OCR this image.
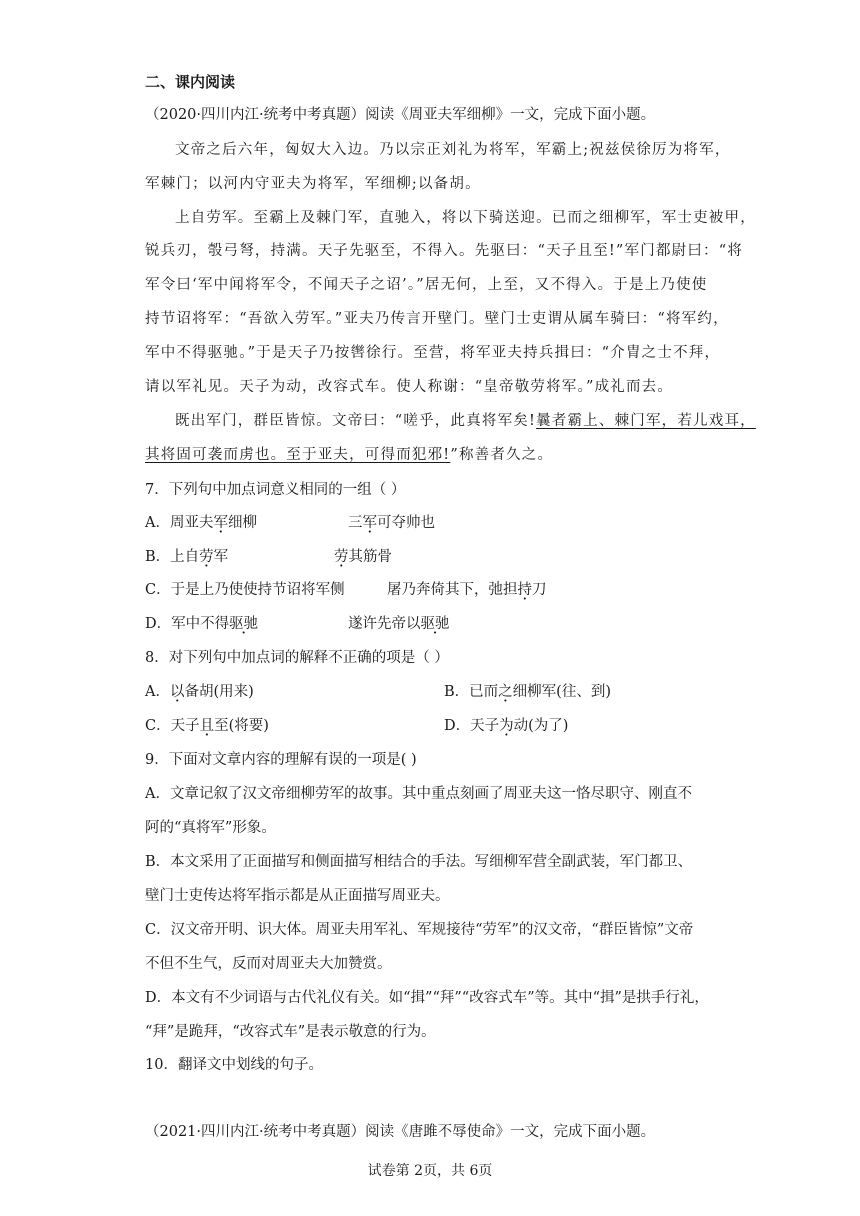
二、课内阅读
（2020·四川内江·统考中考真题）阅读《周亚夫军细柳》一文，完成下面小题。
文帝之后六年，匈奴大入边。乃以宗正刘礼为将军，军霸上;祝兹侯徐厉为将军，
军棘门；以河内守亚夫为将军，军细柳;以备胡。
上自劳军。至霸上及棘门军，直驰入，将以下骑送迎。已而之细柳军，军士吏被甲，
锐兵刃，彀弓弩，持满。天子先驱至，不得入。先驱曰：“天子且至!”军门都尉曰：“将
军令曰‘军中闻将军令，不闻天子之诏’。”居无何，上至，又不得入。于是上乃使使
持节诏将军：“吾欲入劳军。”亚夫乃传言开壁门。壁门士吏谓从属车骑曰：“将军约，
军中不得驱驰。”于是天子乃按辔徐行。至营，将军亚夫持兵揖曰：“介胄之士不拜，
请以军礼见。天子为动，改容式车。使人称谢：“皇帝敬劳将军。”成礼而去。
既出军门，群臣皆惊。文帝曰：“嗟乎，此真将军矣!曩者霸上、棘门军，若儿戏耳，
其将固可袭而虏也。至于亚夫，可得而犯邪!”称善者久之。
7．下列句中加点词意义相同的一组（ ）
A．周亚夫军细柳	三军可夺帅也
B．上自劳军	劳其筋骨
C．于是上乃使使持节诏将军侧	屠乃奔倚其下，弛担持刀
D．军中不得驱驰	遂许先帝以驱驰
8．对下列句中加点词的解释不正确的项是（ ）
A．以备胡(用来)	B．已而之细柳军(往、到)
C．天子且至(将要)	D．天子为动(为了)
9．下面对文章内容的理解有误的一项是( )
A．文章记叙了汉文帝细柳劳军的故事。其中重点刻画了周亚夫这一恪尽职守、刚直不
阿的“真将军”形象。
B．本文采用了正面描写和侧面描写相结合的手法。写细柳军营全副武装，军门都卫、
壁门士吏传达将军指示都是从正面描写周亚夫。
C．汉文帝开明、识大体。周亚夫用军礼、军规接待“劳军”的汉文帝，“群臣皆惊”文帝
不但不生气，反而对周亚夫大加赞赏。
D．本文有不少词语与古代礼仪有关。如“揖”“拜”“改容式车”等。其中“揖”是拱手行礼，
“拜”是跪拜，“改容式车”是表示敬意的行为。
10．翻译文中划线的句子。
（2021·四川内江·统考中考真题）阅读《唐雎不辱使命》一文，完成下面小题。
试卷第 2页，共 6页
